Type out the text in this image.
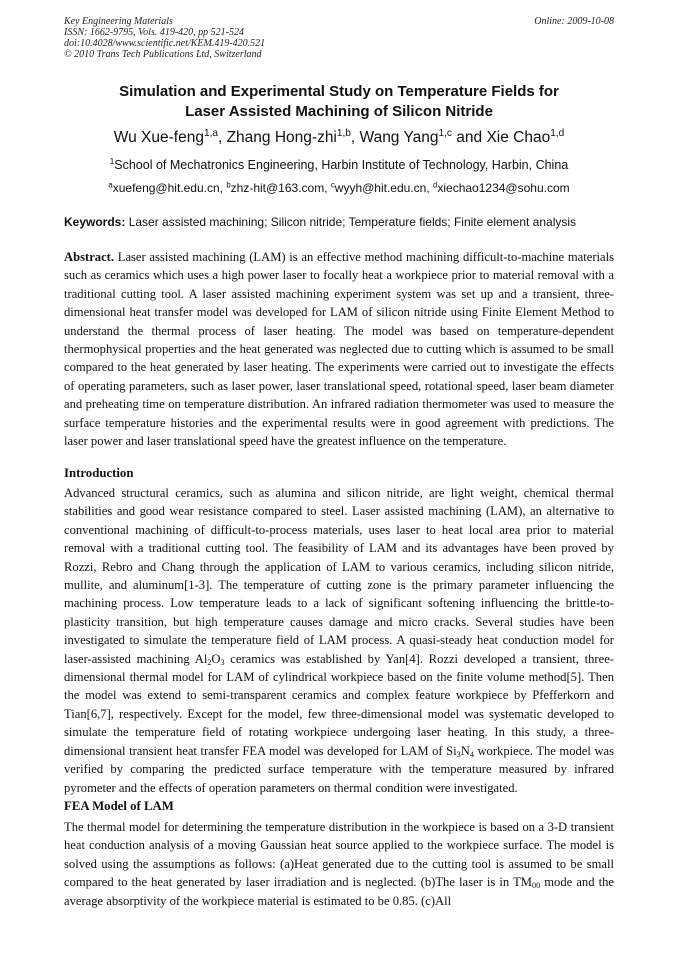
Key Engineering Materials
ISSN: 1662-9795, Vols. 419-420, pp 521-524
doi:10.4028/www.scientific.net/KEM.419-420.521
© 2010 Trans Tech Publications Ltd, Switzerland
Online: 2009-10-08
Simulation and Experimental Study on Temperature Fields for
Laser Assisted Machining of Silicon Nitride
Wu Xue-feng$^{1,a}$, Zhang Hong-zhi$^{1,b}$, Wang Yang$^{1,c}$ and Xie Chao$^{1,d}$
$^1$School of Mechatronics Engineering, Harbin Institute of Technology, Harbin, China
$^a$xuefeng@hit.edu.cn, $^b$zhz-hit@163.com, $^c$wyyh@hit.edu.cn, $^d$xiechao1234@sohu.com
Keywords: Laser assisted machining; Silicon nitride; Temperature fields; Finite element analysis
Abstract. Laser assisted machining (LAM) is an effective method machining difficult-to-machine materials such as ceramics which uses a high power laser to focally heat a workpiece prior to material removal with a traditional cutting tool. A laser assisted machining experiment system was set up and a transient, three-dimensional heat transfer model was developed for LAM of silicon nitride using Finite Element Method to understand the thermal process of laser heating. The model was based on temperature-dependent thermophysical properties and the heat generated was neglected due to cutting which is assumed to be small compared to the heat generated by laser heating. The experiments were carried out to investigate the effects of operating parameters, such as laser power, laser translational speed, rotational speed, laser beam diameter and preheating time on temperature distribution. An infrared radiation thermometer was used to measure the surface temperature histories and the experimental results were in good agreement with predictions. The laser power and laser translational speed have the greatest influence on the temperature.
Introduction
Advanced structural ceramics, such as alumina and silicon nitride, are light weight, chemical thermal stabilities and good wear resistance compared to steel. Laser assisted machining (LAM), an alternative to conventional machining of difficult-to-process materials, uses laser to heat local area prior to material removal with a traditional cutting tool. The feasibility of LAM and its advantages have been proved by Rozzi, Rebro and Chang through the application of LAM to various ceramics, including silicon nitride, mullite, and aluminum[1-3]. The temperature of cutting zone is the primary parameter influencing the machining process. Low temperature leads to a lack of significant softening influencing the brittle-to-plasticity transition, but high temperature causes damage and micro cracks. Several studies have been investigated to simulate the temperature field of LAM process. A quasi-steady heat conduction model for laser-assisted machining $Al_2O_3$ ceramics was established by Yan[4]. Rozzi developed a transient, three-dimensional thermal model for LAM of cylindrical workpiece based on the finite volume method[5]. Then the model was extend to semi-transparent ceramics and complex feature workpiece by Pfefferkorn and Tian[6,7], respectively. Except for the model, few three-dimensional model was systematic developed to simulate the temperature field of rotating workpiece undergoing laser heating. In this study, a three-dimensional transient heat transfer FEA model was developed for LAM of $Si_3N_4$ workpiece. The model was verified by comparing the predicted surface temperature with the temperature measured by infrared pyrometer and the effects of operation parameters on thermal condition were investigated.
FEA Model of LAM
The thermal model for determining the temperature distribution in the workpiece is based on a 3-D transient heat conduction analysis of a moving Gaussian heat source applied to the workpiece surface. The model is solved using the assumptions as follows: (a)Heat generated due to the cutting tool is assumed to be small compared to the heat generated by laser irradiation and is neglected. (b)The laser is in $TM_{00}$ mode and the average absorptivity of the workpiece material is estimated to be 0.85. (c)All
